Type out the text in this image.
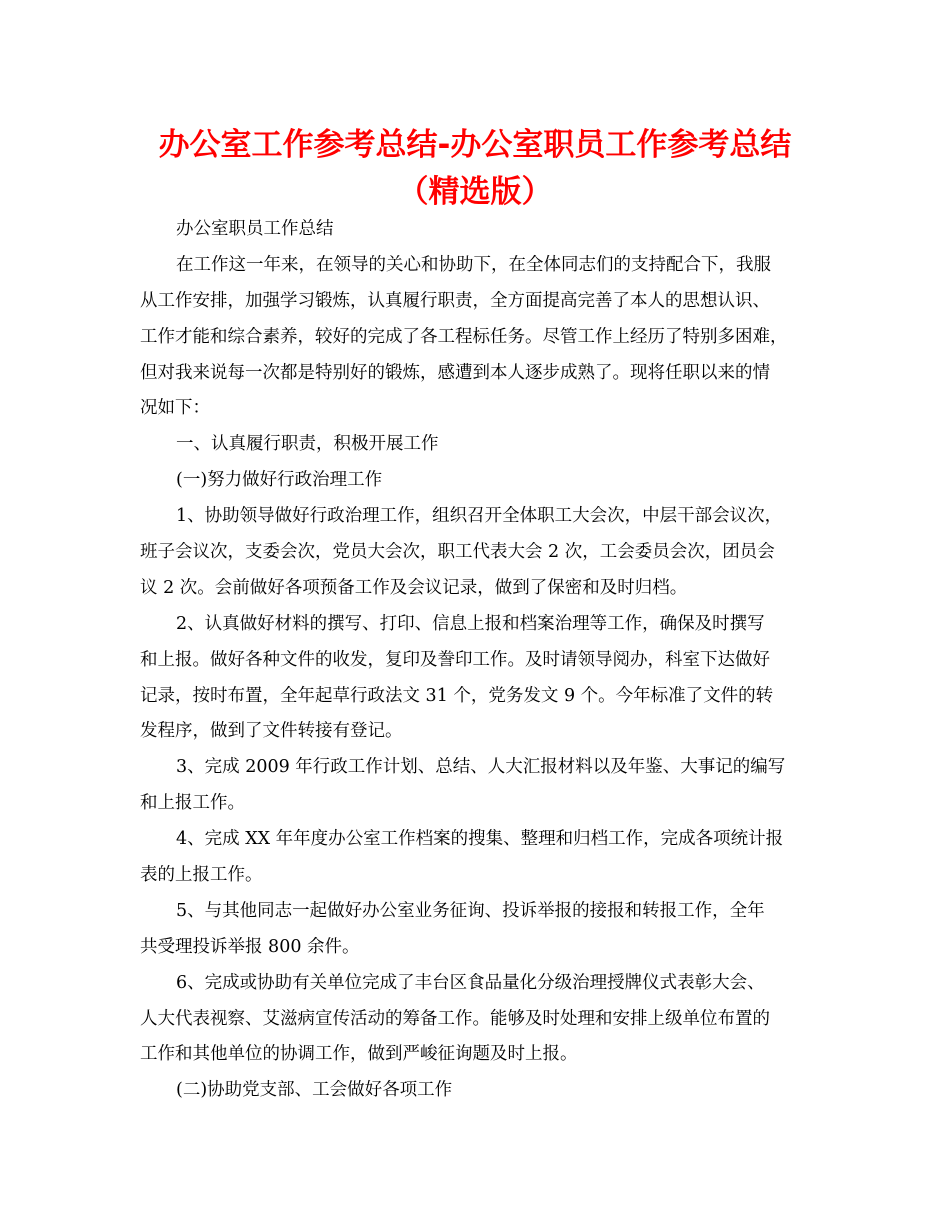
办公室工作参考总结-办公室职员工作参考总结
（精选版）
办公室职员工作总结
在工作这一年来，在领导的关心和协助下，在全体同志们的支持配合下，我服
从工作安排，加强学习锻炼，认真履行职责，全方面提高完善了本人的思想认识、
工作才能和综合素养，较好的完成了各工程标任务。尽管工作上经历了特别多困难，
但对我来说每一次都是特别好的锻炼，感遭到本人逐步成熟了。现将任职以来的情
况如下：
一、认真履行职责，积极开展工作
(一)努力做好行政治理工作
1、协助领导做好行政治理工作，组织召开全体职工大会次，中层干部会议次，
班子会议次，支委会次，党员大会次，职工代表大会 2 次，工会委员会次，团员会
议 2 次。会前做好各项预备工作及会议记录，做到了保密和及时归档。
2、认真做好材料的撰写、打印、信息上报和档案治理等工作，确保及时撰写
和上报。做好各种文件的收发，复印及誊印工作。及时请领导阅办，科室下达做好
记录，按时布置，全年起草行政法文 31 个，党务发文 9 个。今年标准了文件的转
发程序，做到了文件转接有登记。
3、完成 2009 年行政工作计划、总结、人大汇报材料以及年鉴、大事记的编写
和上报工作。
4、完成 XX 年年度办公室工作档案的搜集、整理和归档工作，完成各项统计报
表的上报工作。
5、与其他同志一起做好办公室业务征询、投诉举报的接报和转报工作，全年
共受理投诉举报 800 余件。
6、完成或协助有关单位完成了丰台区食品量化分级治理授牌仪式表彰大会、
人大代表视察、艾滋病宣传活动的筹备工作。能够及时处理和安排上级单位布置的
工作和其他单位的协调工作，做到严峻征询题及时上报。
(二)协助党支部、工会做好各项工作
